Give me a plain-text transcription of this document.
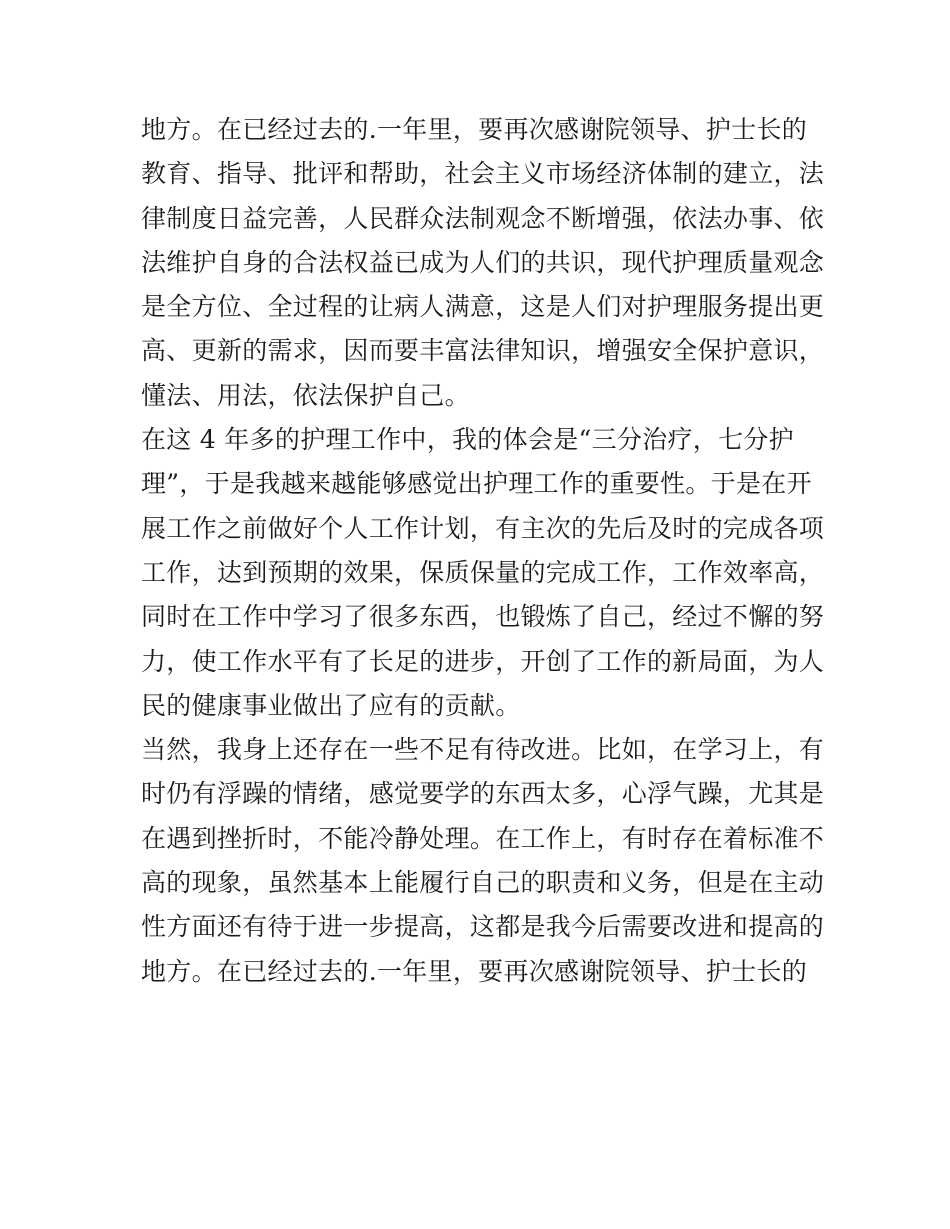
地方。在已经过去的.一年里，要再次感谢院领导、护士长的
教育、指导、批评和帮助，社会主义市场经济体制的建立，法
律制度日益完善，人民群众法制观念不断增强，依法办事、依
法维护自身的合法权益已成为人们的共识，现代护理质量观念
是全方位、全过程的让病人满意，这是人们对护理服务提出更
高、更新的需求，因而要丰富法律知识，增强安全保护意识，
懂法、用法，依法保护自己。
在这 4 年多的护理工作中，我的体会是“三分治疗，七分护
理”，于是我越来越能够感觉出护理工作的重要性。于是在开
展工作之前做好个人工作计划，有主次的先后及时的完成各项
工作，达到预期的效果，保质保量的完成工作，工作效率高，
同时在工作中学习了很多东西，也锻炼了自己，经过不懈的努
力，使工作水平有了长足的进步，开创了工作的新局面，为人
民的健康事业做出了应有的贡献。
当然，我身上还存在一些不足有待改进。比如，在学习上，有
时仍有浮躁的情绪，感觉要学的东西太多，心浮气躁，尤其是
在遇到挫折时，不能冷静处理。在工作上，有时存在着标准不
高的现象，虽然基本上能履行自己的职责和义务，但是在主动
性方面还有待于进一步提高，这都是我今后需要改进和提高的
地方。在已经过去的.一年里，要再次感谢院领导、护士长的
